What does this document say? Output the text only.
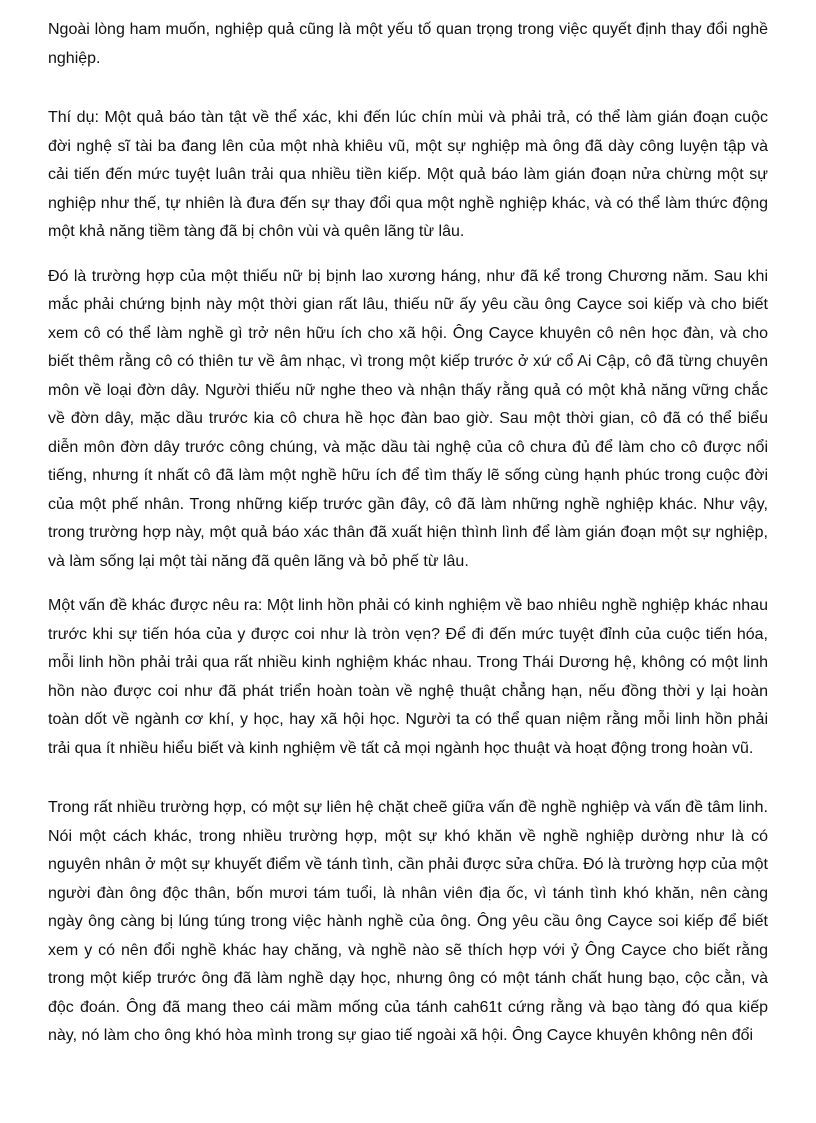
Ngoài lòng ham muốn, nghiệp quả cũng là một yếu tố quan trọng trong việc quyết định thay đổi nghề nghiệp.

Thí dụ: Một quả báo tàn tật về thể xác, khi đến lúc chín mùi và phải trả, có thể làm gián đoạn cuộc đời nghệ sĩ tài ba đang lên của một nhà khiêu vũ, một sự nghiệp mà ông đã dày công luyện tập và cải tiến đến mức tuyệt luân trải qua nhiều tiền kiếp. Một quả báo làm gián đoạn nửa chừng một sự nghiệp như thế, tự nhiên là đưa đến sự thay đổi qua một nghề nghiệp khác, và có thể làm thức động một khả năng tiềm tàng đã bị chôn vùi và quên lãng từ lâu.

Đó là trường hợp của một thiếu nữ bị bịnh lao xương háng, như đã kể trong Chương năm. Sau khi mắc phải chứng bịnh này một thời gian rất lâu, thiếu nữ ấy yêu cầu ông Cayce soi kiếp và cho biết xem cô có thể làm nghề gì trở nên hữu ích cho xã hội. Ông Cayce khuyên cô nên học đàn, và cho biết thêm rằng cô có thiên tư về âm nhạc, vì trong một kiếp trước ở xứ cổ Ai Cập, cô đã từng chuyên môn về loại đờn dây. Người thiếu nữ nghe theo và nhận thấy rằng quả có một khả năng vững chắc về đờn dây, mặc dầu trước kia cô chưa hề học đàn bao giờ. Sau một thời gian, cô đã có thể biểu diễn môn đờn dây trước công chúng, và mặc dầu tài nghệ của cô chưa đủ để làm cho cô được nổi tiếng, nhưng ít nhất cô đã làm một nghề hữu ích để tìm thấy lẽ sống cùng hạnh phúc trong cuộc đời của một phế nhân. Trong những kiếp trước gần đây, cô đã làm những nghề nghiệp khác. Như vậy, trong trường hợp này, một quả báo xác thân đã xuất hiện thình lình để làm gián đoạn một sự nghiệp, và làm sống lại một tài năng đã quên lãng và bỏ phế từ lâu.

Một vấn đề khác được nêu ra: Một linh hồn phải có kinh nghiệm về bao nhiêu nghề nghiệp khác nhau trước khi sự tiến hóa của y được coi như là tròn vẹn? Để đi đến mức tuyệt đỉnh của cuộc tiến hóa, mỗi linh hồn phải trải qua rất nhiều kinh nghiệm khác nhau. Trong Thái Dương hệ, không có một linh hồn nào được coi như đã phát triển hoàn toàn về nghệ thuật chẳng hạn, nếu đồng thời y lại hoàn toàn dốt về ngành cơ khí, y học, hay xã hội học. Người ta có thể quan niệm rằng mỗi linh hồn phải trải qua ít nhiều hiểu biết và kinh nghiệm về tất cả mọi ngành học thuật và hoạt động trong hoàn vũ.

Trong rất nhiều trường hợp, có một sự liên hệ chặt cheẽ giữa vấn đề nghề nghiệp và vấn đề tâm linh. Nói một cách khác, trong nhiều trường hợp, một sự khó khăn về nghề nghiệp dường như là có nguyên nhân ở một sự khuyết điểm về tánh tình, cần phải được sửa chữa. Đó là trường hợp của một người đàn ông độc thân, bốn mươi tám tuổi, là nhân viên địa ốc, vì tánh tình khó khăn, nên càng ngày ông càng bị lúng túng trong việc hành nghề của ông. Ông yêu cầu ông Cayce soi kiếp để biết xem y có nên đổi nghề khác hay chăng, và nghề nào sẽ thích hợp với ỷ Ông Cayce cho biết rằng trong một kiếp trước ông đã làm nghề dạy học, nhưng ông có một tánh chất hung bạo, cộc cằn, và độc đoán. Ông đã mang theo cái mầm mống của tánh cah61t cứng rằng và bạo tàng đó qua kiếp này, nó làm cho ông khó hòa mình trong sự giao tiế ngoài xã hội. Ông Cayce khuyên không nên đổi
